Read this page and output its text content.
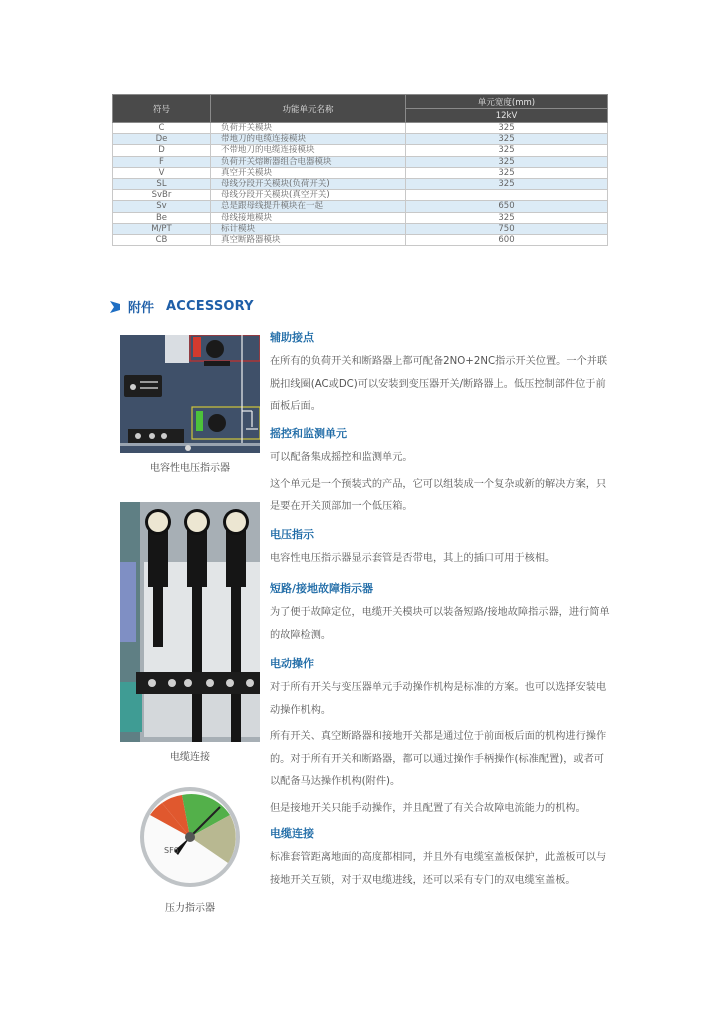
符号	功能单元名称	单元宽度(mm)
		12kV
C	负荷开关模块	325
De	带地刀的电缆连接模块	325
D	不带地刀的电缆连接模块	325
F	负荷开关熔断器组合电器模块	325
V	真空开关模块	325
SL	母线分段开关模块(负荷开关)	325
SvBr	母线分段开关模块(真空开关)	
Sv	总是跟母线提升模块在一起	650
Be	母线接地模块	325
M/PT	标计模块	750
CB	真空断路器模块	600
附件 ACCESSORY
电容性电压指示器
电缆连接
SF6
压力指示器
辅助接点

在所有的负荷开关和断路器上都可配备2NO+2NC指示开关位置。一个并联脱扣线圈(AC或DC)可以安装到变压器开关/断路器上。低压控制部件位于前面板后面。

摇控和监测单元

可以配备集成摇控和监测单元。

这个单元是一个预装式的产品，它可以组装成一个复杂或新的解决方案，只是要在开关顶部加一个低压箱。

电压指示

电容性电压指示器显示套管是否带电，其上的插口可用于核相。

短路/接地故障指示器

为了便于故障定位，电缆开关模块可以装备短路/接地故障指示器，进行简单的故障检测。

电动操作

对于所有开关与变压器单元手动操作机构是标准的方案。也可以选择安装电动操作机构。

所有开关、真空断路器和接地开关都是通过位于前面板后面的机构进行操作的。对于所有开关和断路器，都可以通过操作手柄操作(标准配置)，或者可以配备马达操作机构(附件)。

但是接地开关只能手动操作，并且配置了有关合故障电流能力的机构。

电缆连接

标准套管距离地面的高度都相同，并且外有电缆室盖板保护，此盖板可以与接地开关互锁，对于双电缆进线，还可以采有专门的双电缆室盖板。
